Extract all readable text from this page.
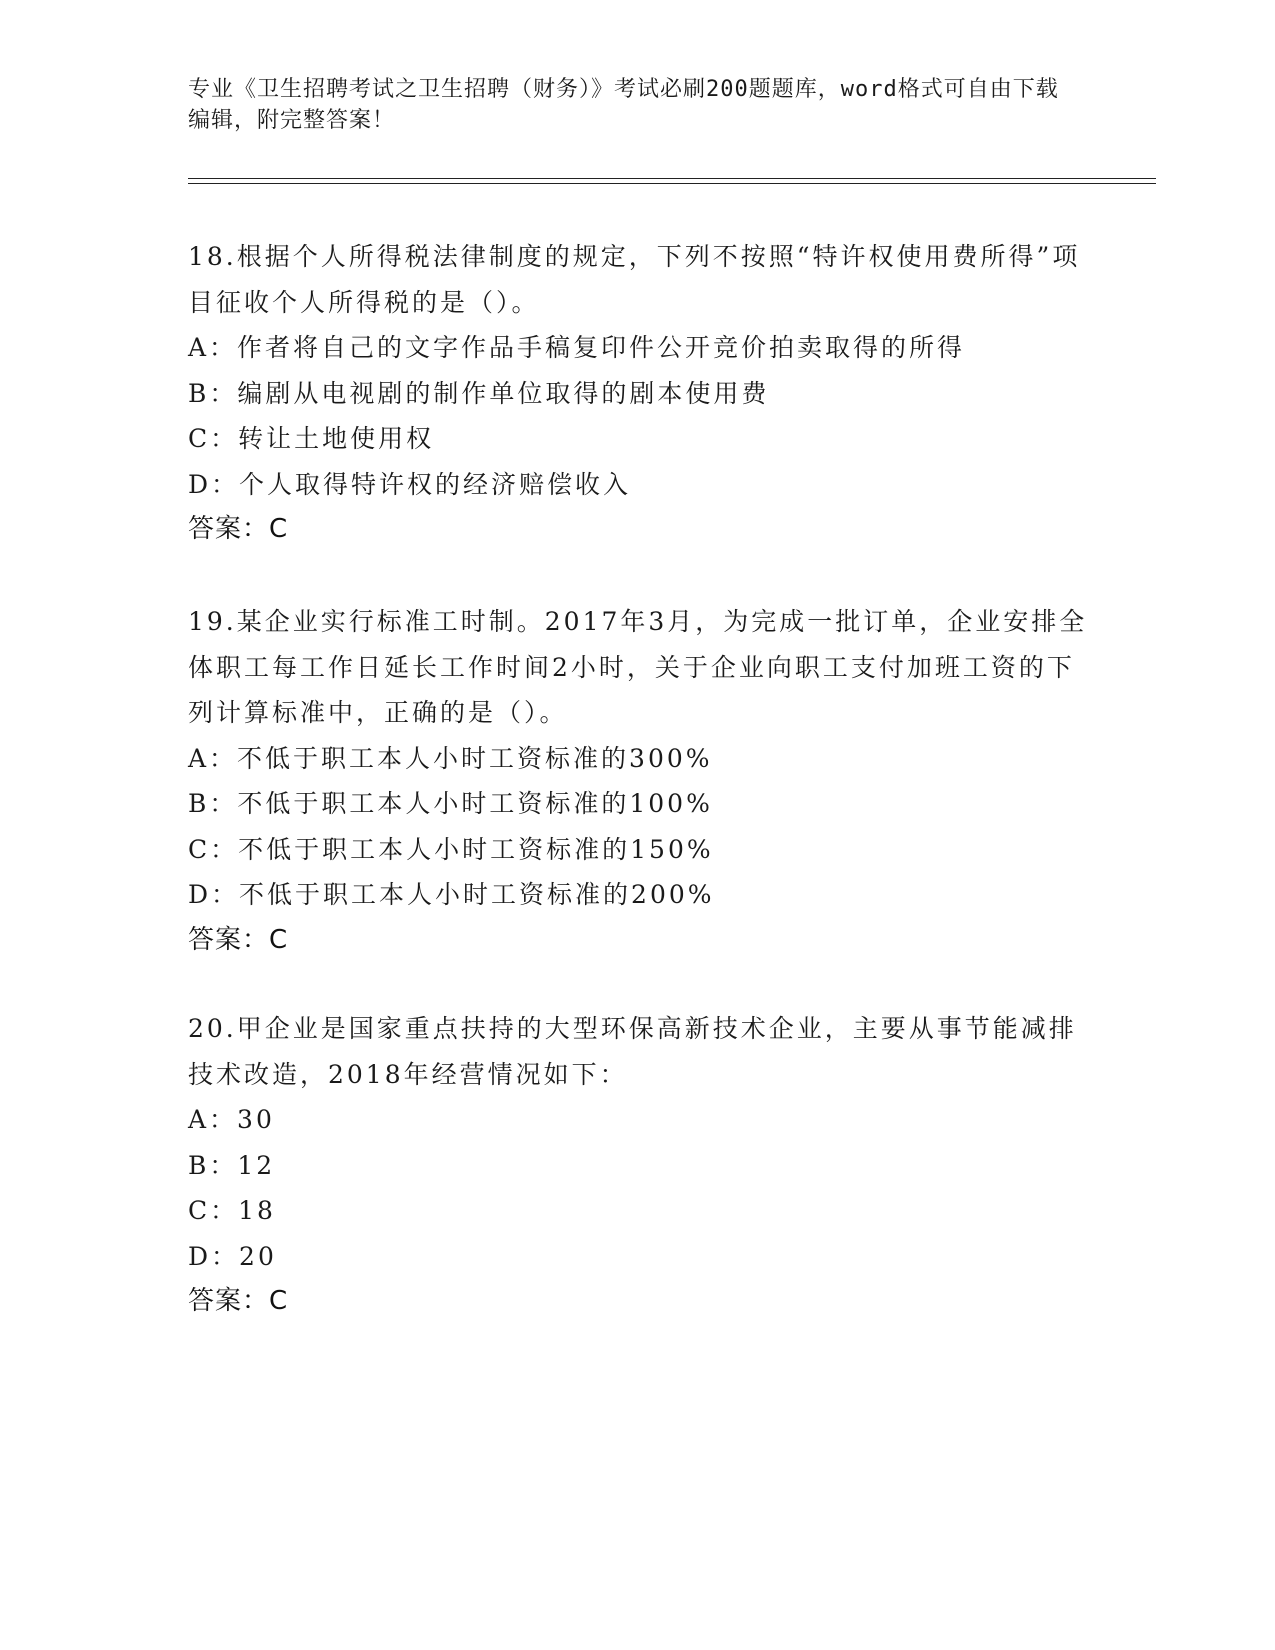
专业《卫生招聘考试之卫生招聘（财务）》考试必刷200题题库，word格式可自由下载编辑，附完整答案！
18.根据个人所得税法律制度的规定，下列不按照“特许权使用费所得”项目征收个人所得税的是（）。
A：作者将自己的文字作品手稿复印件公开竞价拍卖取得的所得
B：编剧从电视剧的制作单位取得的剧本使用费
C：转让土地使用权
D：个人取得特许权的经济赔偿收入
答案：C
19.某企业实行标准工时制。2017年3月，为完成一批订单，企业安排全体职工每工作日延长工作时间2小时，关于企业向职工支付加班工资的下列计算标准中，正确的是（）。
A：不低于职工本人小时工资标准的300%
B：不低于职工本人小时工资标准的100%
C：不低于职工本人小时工资标准的150%
D：不低于职工本人小时工资标准的200%
答案：C
20.甲企业是国家重点扶持的大型环保高新技术企业，主要从事节能减排技术改造，2018年经营情况如下：
A：30
B：12
C：18
D：20
答案：C
